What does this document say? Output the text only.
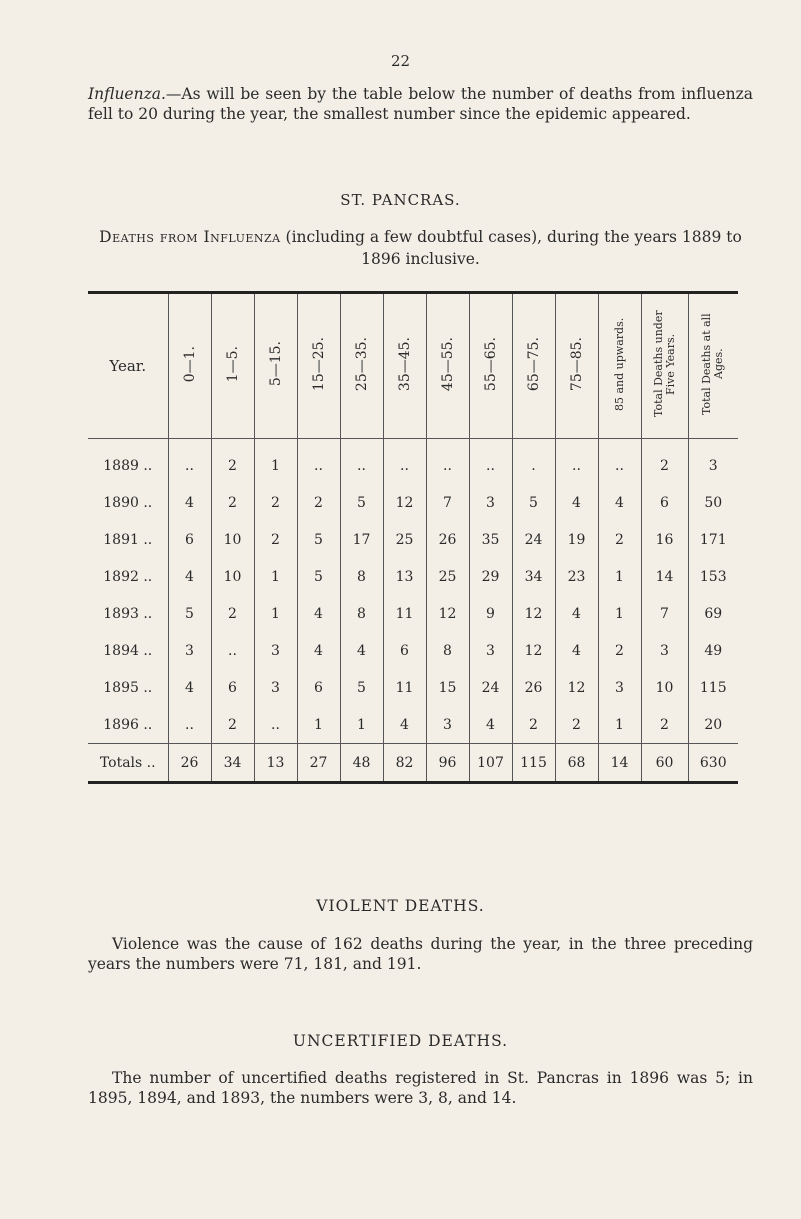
22
Influenza.—As will be seen by the table below the number of deaths from influenza fell to 20 during the year, the smallest number since the epidemic appeared.
ST. PANCRAS.
Deaths from Influenza (including a few doubtful cases), during the years 1889 to 1896 inclusive.
Year.	0—1.	1—5.	5—15.	15—25.	25—35.	35—45.	45—55.	55—65.	65—75.	75—85.	85 and upwards.	Total Deaths under Five Years.	Total Deaths at all Ages.
1889 ..	..	2	1	..	..	..	..	..	.	..	..	2	3
1890 ..	4	2	2	2	5	12	7	3	5	4	4	6	50
1891 ..	6	10	2	5	17	25	26	35	24	19	2	16	171
1892 ..	4	10	1	5	8	13	25	29	34	23	1	14	153
1893 ..	5	2	1	4	8	11	12	9	12	4	1	7	69
1894 ..	3	..	3	4	4	6	8	3	12	4	2	3	49
1895 ..	4	6	3	6	5	11	15	24	26	12	3	10	115
1896 ..	..	2	..	1	1	4	3	4	2	2	1	2	20
Totals ..	26	34	13	27	48	82	96	107	115	68	14	60	630
VIOLENT DEATHS.
Violence was the cause of 162 deaths during the year, in the three preceding years the numbers were 71, 181, and 191.
UNCERTIFIED DEATHS.
The number of uncertified deaths registered in St. Pancras in 1896 was 5; in 1895, 1894, and 1893, the numbers were 3, 8, and 14.
